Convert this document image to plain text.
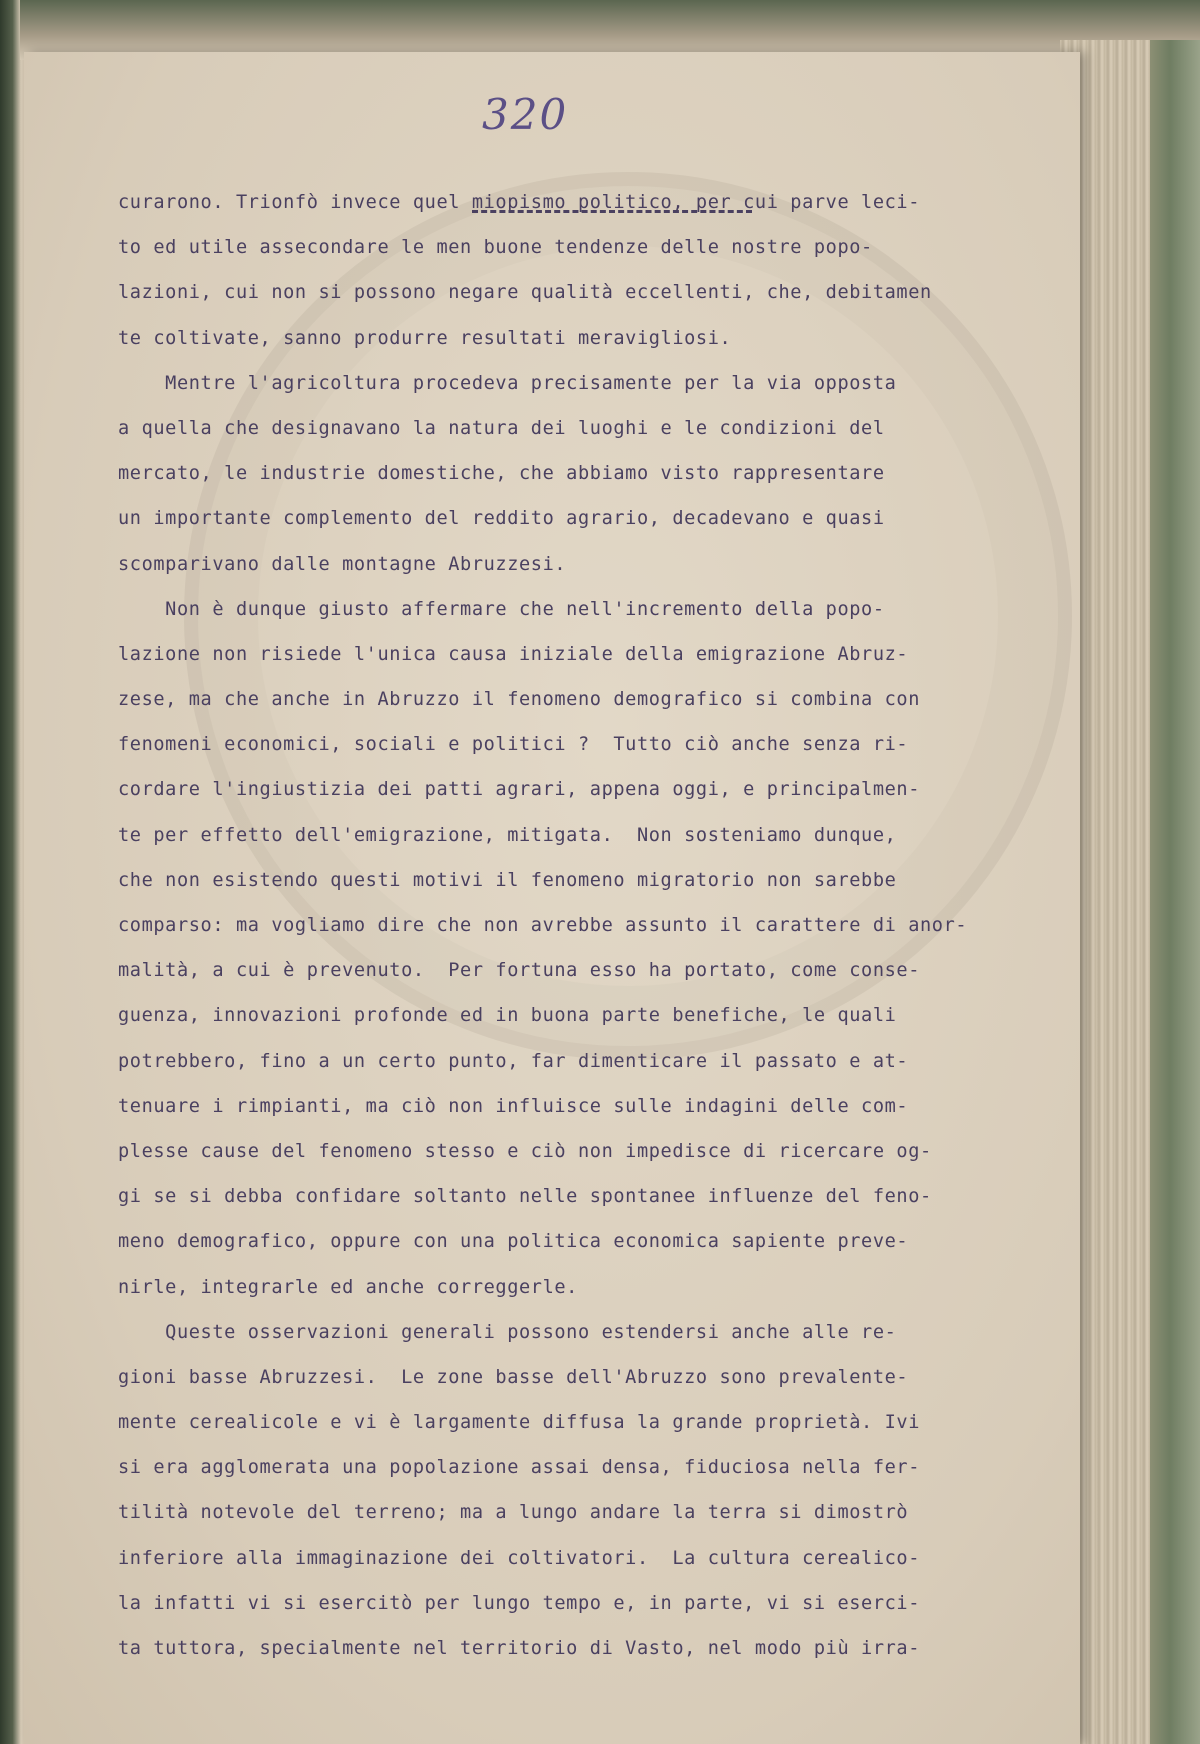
320
curarono. Trionfò invece quel miopismo politico, per cui parve leci-
to ed utile assecondare le men buone tendenze delle nostre popo-
lazioni, cui non si possono negare qualità eccellenti, che, debitamen
te coltivate, sanno produrre resultati meravigliosi.
Mentre l'agricoltura procedeva precisamente per la via opposta
a quella che designavano la natura dei luoghi e le condizioni del
mercato, le industrie domestiche, che abbiamo visto rappresentare
un importante complemento del reddito agrario, decadevano e quasi
scomparivano dalle montagne Abruzzesi.
Non è dunque giusto affermare che nell'incremento della popo-
lazione non risiede l'unica causa iniziale della emigrazione Abruz-
zese, ma che anche in Abruzzo il fenomeno demografico si combina con
fenomeni economici, sociali e politici ?  Tutto ciò anche senza ri-
cordare l'ingiustizia dei patti agrari, appena oggi, e principalmen-
te per effetto dell'emigrazione, mitigata.  Non sosteniamo dunque,
che non esistendo questi motivi il fenomeno migratorio non sarebbe
comparso: ma vogliamo dire che non avrebbe assunto il carattere di anor-
malità, a cui è prevenuto.  Per fortuna esso ha portato, come conse-
guenza, innovazioni profonde ed in buona parte benefiche, le quali
potrebbero, fino a un certo punto, far dimenticare il passato e at-
tenuare i rimpianti, ma ciò non influisce sulle indagini delle com-
plesse cause del fenomeno stesso e ciò non impedisce di ricercare og-
gi se si debba confidare soltanto nelle spontanee influenze del feno-
meno demografico, oppure con una politica economica sapiente preve-
nirle, integrarle ed anche correggerle.
Queste osservazioni generali possono estendersi anche alle re-
gioni basse Abruzzesi.  Le zone basse dell'Abruzzo sono prevalente-
mente cerealicole e vi è largamente diffusa la grande proprietà. Ivi
si era agglomerata una popolazione assai densa, fiduciosa nella fer-
tilità notevole del terreno; ma a lungo andare la terra si dimostrò
inferiore alla immaginazione dei coltivatori.  La cultura cerealico-
la infatti vi si esercitò per lungo tempo e, in parte, vi si eserci-
ta tuttora, specialmente nel territorio di Vasto, nel modo più irra-
